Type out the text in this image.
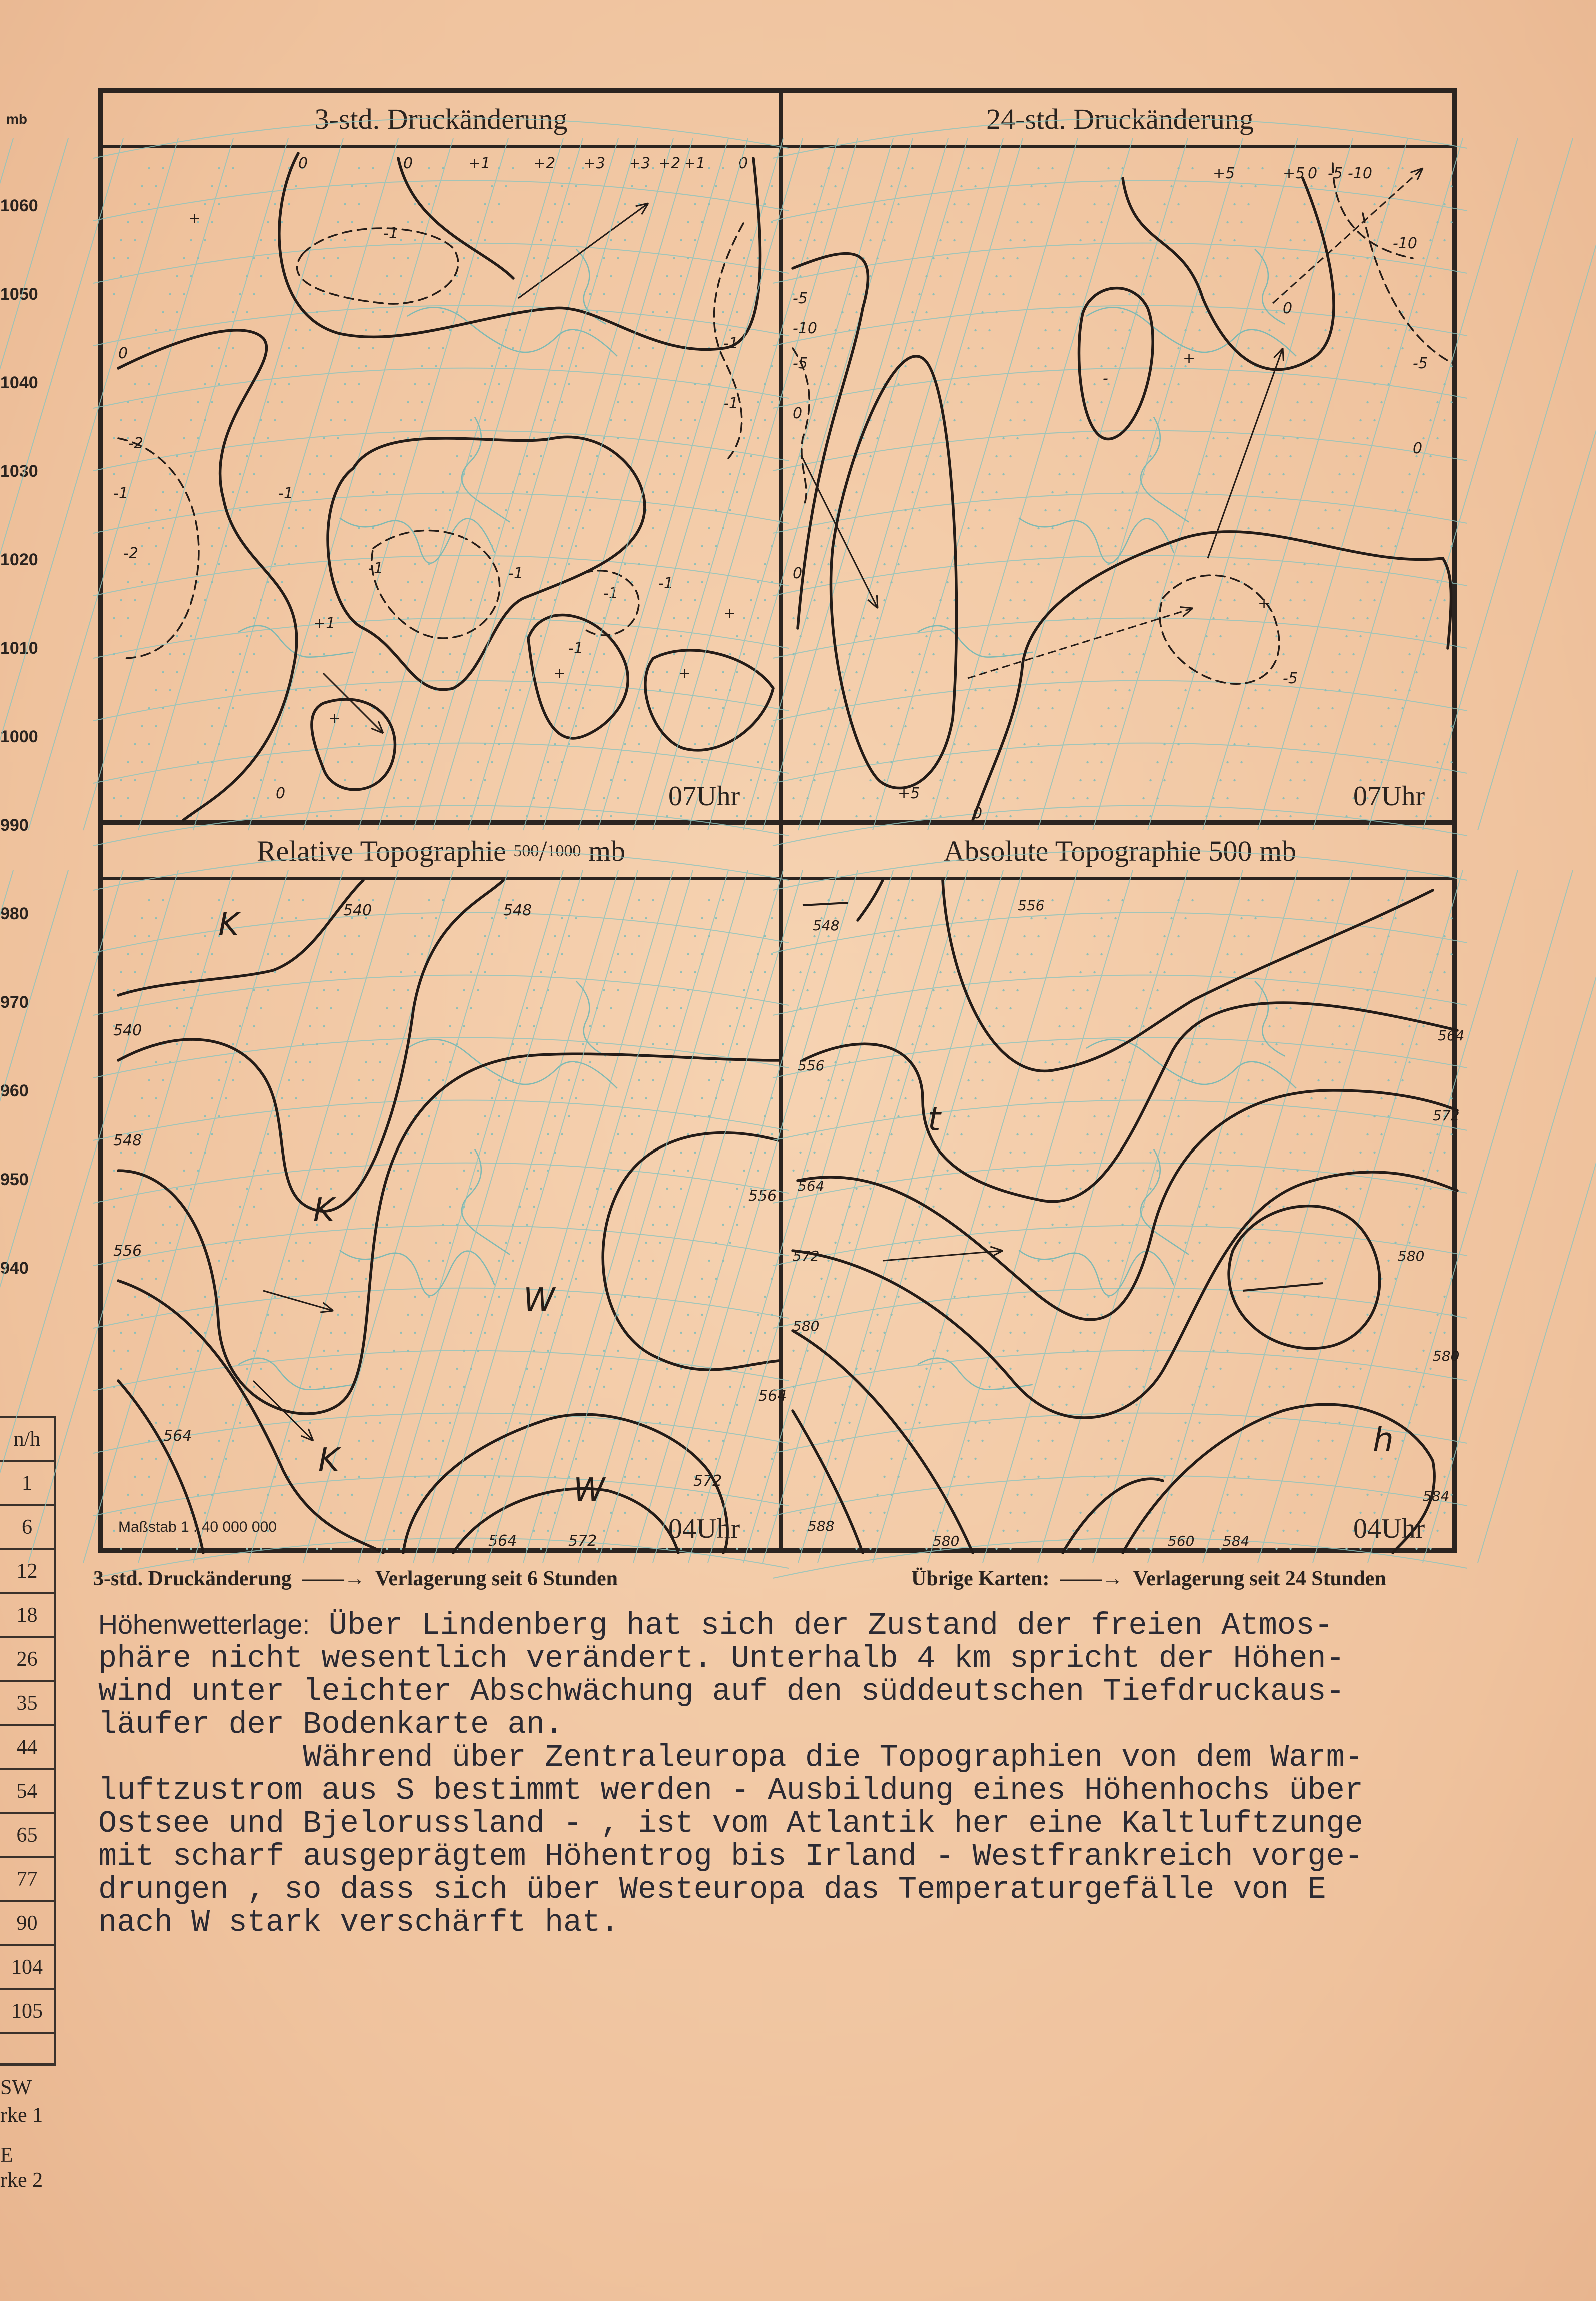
mb
1060
1050
1040
1030
1020
1010
1000
990
980
970
960
950
940
n/h
1
6
12
18
26
35
44
54
65
77
90
104
105
SW
rke 1
E
rke 2
3-std. Druckänderung	24-std. Druckänderung
Relative Topographie
500 / 1000
mb	Absolute Topographie 500 mb
0	0	+1	+2 +3 +3 +2 +1 0
+
0
-1
-1
-1	-1
-2
-2
-1
-1
-1
-1
-1
+1
+
+	+
+
-1
0
+5	+5 0 -5 -10
-10
-5
0
-5
-10
-5
0
0
-
+
+
+5
-5
0
0
540	548
540
548
556
556
564
564
564
572
572
K
K
K
W
W
548
556
556
564
572
564
572
580
580
580
584
588
580	560 584
t
h
07Uhr	07Uhr
04Uhr	04Uhr
Maßstab 1 : 40 000 000
3-std. Druckänderung  ——→  Verlagerung seit 6 Stunden	Übrige Karten:  ——→  Verlagerung seit 24 Stunden
Höhenwetterlage: Über Lindenberg hat sich der Zustand der freien Atmos-
phäre nicht wesentlich verändert. Unterhalb 4 km spricht der Höhen-
wind unter leichter Abschwächung auf den süddeutschen Tiefdruckaus-
läufer der Bodenkarte an.
Während über Zentraleuropa die Topographien von dem Warm-
luftzustrom aus S bestimmt werden - Ausbildung eines Höhenhochs über
Ostsee und Bjelorussland - , ist vom Atlantik her eine Kaltluftzunge
mit scharf ausgeprägtem Höhentrog bis Irland - Westfrankreich vorge-
drungen , so dass sich über Westeuropa das Temperaturgefälle von E
nach W stark verschärft hat.
